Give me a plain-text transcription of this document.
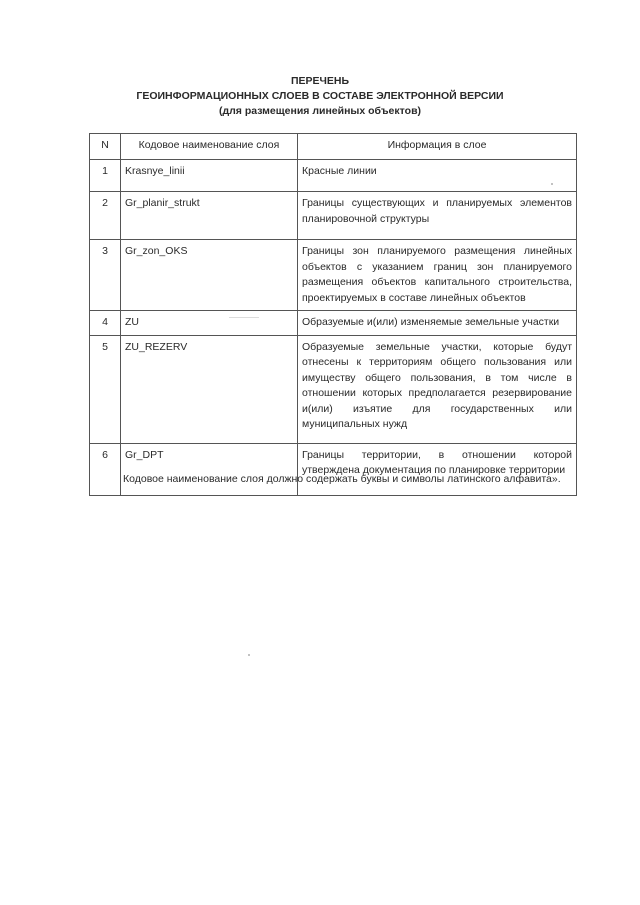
ПЕРЕЧЕНЬ
ГЕОИНФОРМАЦИОННЫХ СЛОЕВ В СОСТАВЕ ЭЛЕКТРОННОЙ ВЕРСИИ
(для размещения линейных объектов)
N	Кодовое наименование слоя	Информация в слое
1	Krasnye_linii	Красные линии
2	Gr_planir_strukt	Границы существующих и планируемых элементов планировочной структуры
3	Gr_zon_OKS	Границы зон планируемого размещения линейных объектов с указанием границ зон планируемого размещения объектов капитального строительства, проектируемых в составе линейных объектов
4	ZU	Образуемые и(или) изменяемые земельные участки
5	ZU_REZERV	Образуемые земельные участки, которые будут отнесены к территориям общего пользования или имуществу общего пользования, в том числе в отношении которых предполагается резервирование и(или) изъятие для государственных или муниципальных нужд
6	Gr_DPT	Границы территории, в отношении которой утверждена документация по планировке территории
Кодовое наименование слоя должно содержать буквы и символы латинского алфавита».
